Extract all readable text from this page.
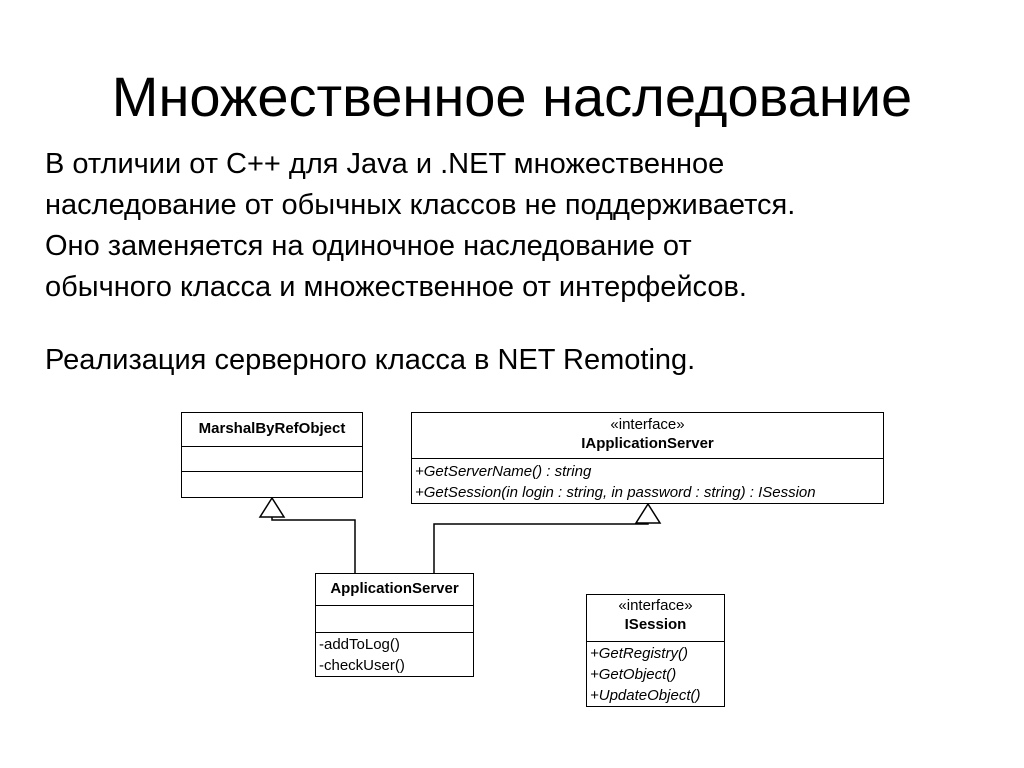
Множественное наследование
В отличии от С++ для Java и .NET множественное
наследование от обычных классов не поддерживается.
Оно заменяется на одиночное наследование от
обычного класса и множественное от интерфейсов.
Реализация серверного класса в NET Remoting.
MarshalByRefObject	«interface»
IApplicationServer
+GetServerName() : string
+GetSession(in login : string, in password : string) : ISession
ApplicationServer
-addToLog()
-checkUser()
«interface»
ISession
+GetRegistry()
+GetObject()
+UpdateObject()
